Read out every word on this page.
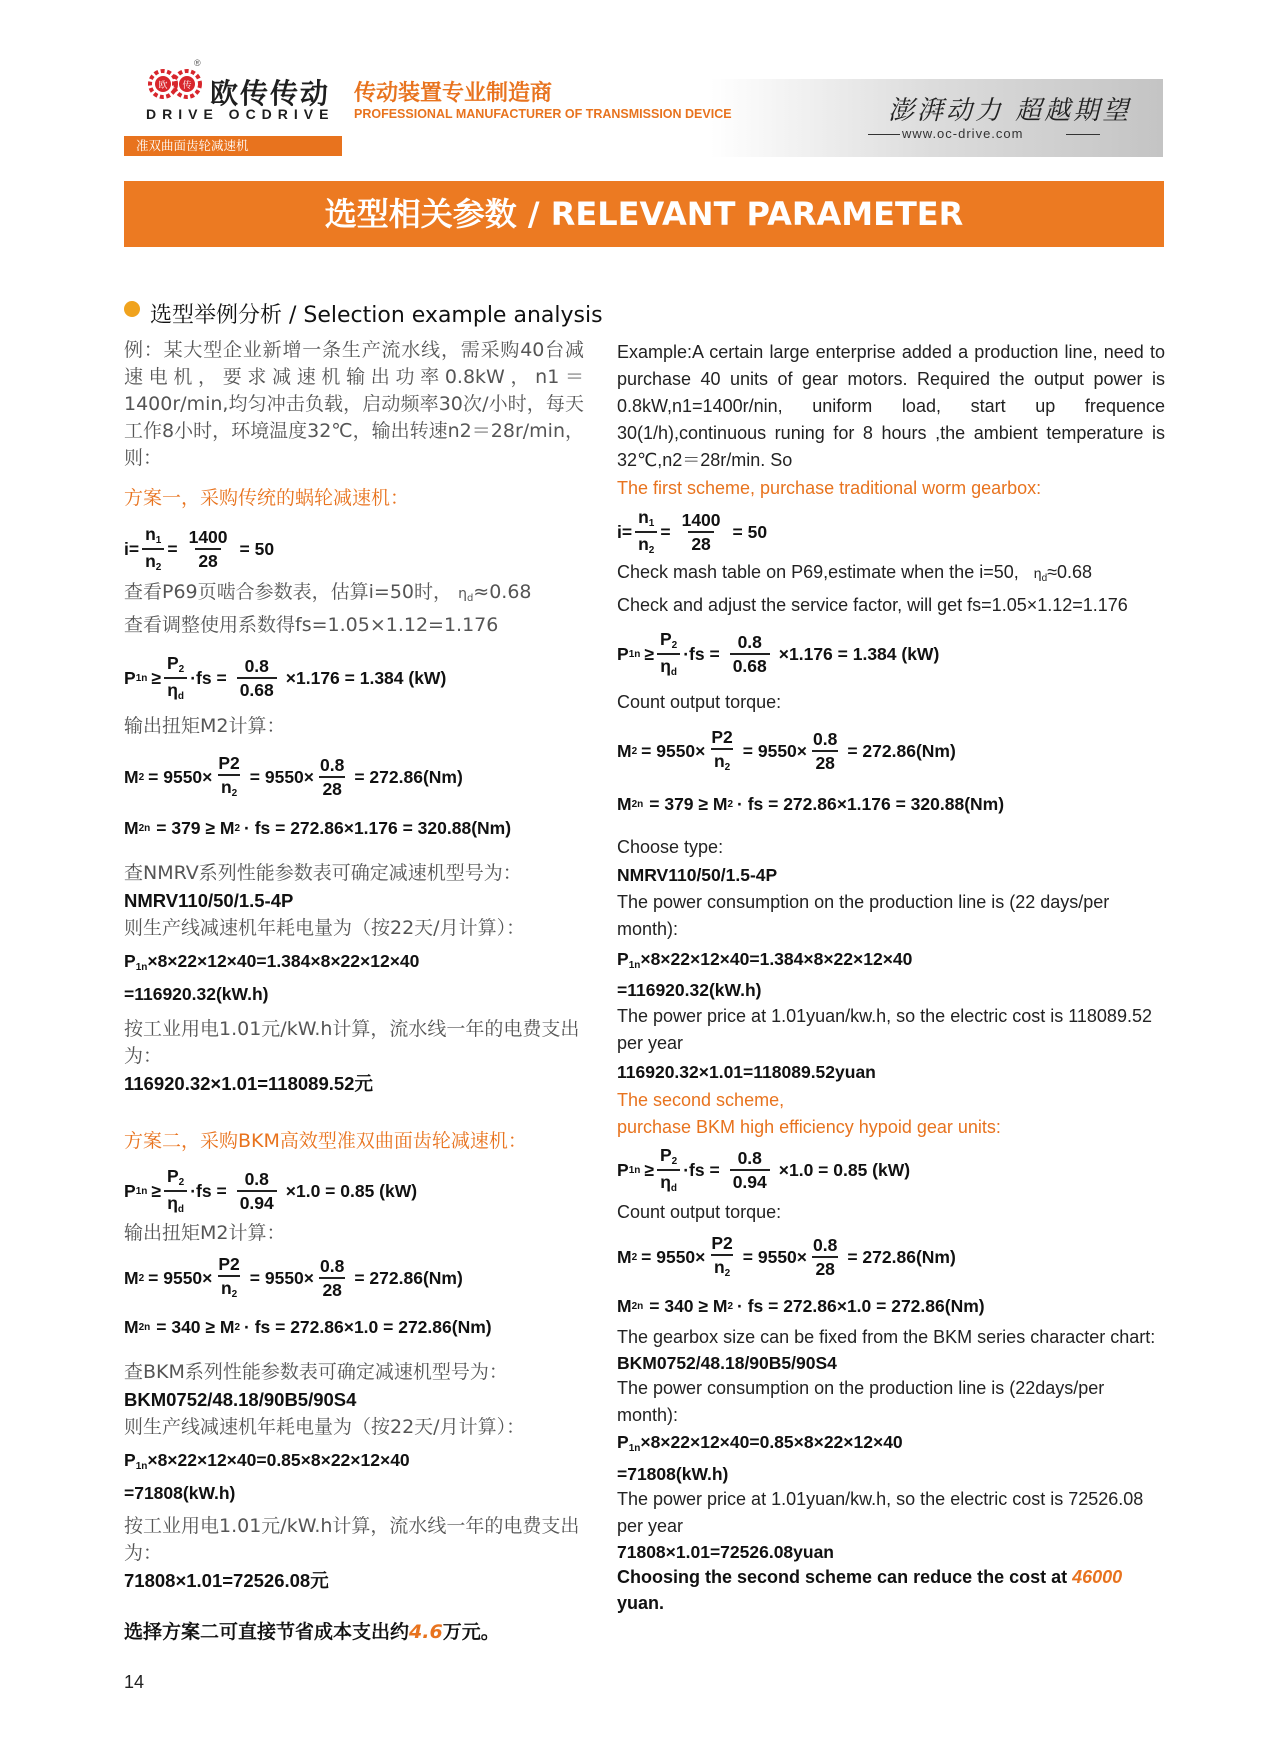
欧 传
®
欧传传动
DRIVE OCDRIVE
传动装置专业制造商
PROFESSIONAL MANUFACTURER OF TRANSMISSION DEVICE	澎湃动力 超越期望
www.oc-drive.com
准双曲面齿轮减速机
选型相关参数 / RELEVANT PARAMETER
选型举例分析 / Selection example analysis

例：某大型企业新增一条生产流水线，需采购40台减速电机，要求减速机输出功率0.8kW，n1＝1400r/min,均匀冲击负载，启动频率30次/小时，每天工作8小时，环境温度32℃，输出转速n2＝28r/min，则：

方案一，采购传统的蜗轮减速机：

$i= \frac{n_1}{n_2} = \frac{1400}{28} = 50$

查看P69页啮合参数表，估算i=50时， $\eta_d\approx 0.68$

查看调整使用系数得fs=1.05×1.12=1.176

P $1n \ge \frac{P_2}{\eta_d} \cdot fs = \frac{0.8}{0.68} \times 1.176 = 1.384$ (kW)

输出扭矩M2计算：

M $2 = 9550\times \frac{P2}{n_2} = 9550\times \frac{0.8}{28} = 272.86(Nm)$
M 2n = 379 ≥ M 2 · fs = 272.86×1.176 = 320.88(Nm)

查NMRV系列性能参数表可确定减速机型号为：

NMRV110/50/1.5-4P

则生产线减速机年耗电量为（按22天/月计算）：

$P_{1n}\times 8\times 22\times 12\times 40=1.384\times 8\times 22\times 12\times 40$

=116920.32(kW.h)

按工业用电1.01元/kW.h计算，流水线一年的电费支出为：

116920.32×1.01=118089.52元

方案二，采购BKM高效型准双曲面齿轮减速机：

P $1n \ge \frac{P_2}{\eta_d} \cdot fs = \frac{0.8}{0.94} \times 1.0 = 0.85$ (kW)

输出扭矩M2计算：

M $2 = 9550\times \frac{P2}{n_2} = 9550\times \frac{0.8}{28} = 272.86(Nm)$
M 2n = 340 ≥ M 2 · fs = 272.86×1.0 = 272.86(Nm)

查BKM系列性能参数表可确定减速机型号为：

BKM0752/48.18/90B5/90S4

则生产线减速机年耗电量为（按22天/月计算）：

$P_{1n}\times 8\times 22\times 12\times 40=0.85\times 8\times 22\times 12\times 40$

=71808(kW.h)

按工业用电1.01元/kW.h计算，流水线一年的电费支出为：

71808×1.01=72526.08元

选择方案二可直接节省成本支出约4.6万元。

Example:A certain large enterprise added a production line, need to purchase 40 units of gear motors. Required the output power is 0.8kW,n1=1400r/nin, uniform load, start up frequence 30(1/h),continuous runing for 8 hours ,the ambient temperature is 32℃,n2＝28r/min. So

The first scheme, purchase traditional worm gearbox:

$i= \frac{n_1}{n_2} = \frac{1400}{28} = 50$

Check mash table on P69,estimate when the i=50, $\eta_d\approx 0.68$

Check and adjust the service factor, will get fs=1.05×1.12=1.176

P $1n \ge \frac{P_2}{\eta_d} \cdot fs = \frac{0.8}{0.68} \times 1.176 = 1.384$ (kW)

Count output torque:

M $2 = 9550\times \frac{P2}{n_2} = 9550\times \frac{0.8}{28} = 272.86(Nm)$
M 2n = 379 ≥ M 2 · fs = 272.86×1.176 = 320.88(Nm)

Choose type:

NMRV110/50/1.5-4P

The power consumption on the production line is (22 days/per month):

$P_{1n}\times 8\times 22\times 12\times 40=1.384\times 8\times 22\times 12\times 40$

=116920.32(kW.h)

The power price at 1.01yuan/kw.h, so the electric cost is 118089.52 per year

116920.32×1.01=118089.52yuan

The second scheme,

purchase BKM high efficiency hypoid gear units:

P $1n \ge \frac{P_2}{\eta_d} \cdot fs = \frac{0.8}{0.94} \times 1.0 = 0.85$ (kW)

Count output torque:

M $2 = 9550\times \frac{P2}{n_2} = 9550\times \frac{0.8}{28} = 272.86(Nm)$
M 2n = 340 ≥ M 2 · fs = 272.86×1.0 = 272.86(Nm)

The gearbox size can be fixed from the BKM series character chart:

BKM0752/48.18/90B5/90S4

The power consumption on the production line is (22days/per month):

$P_{1n}\times 8\times 22\times 12\times 40=0.85\times 8\times 22\times 12\times 40$

=71808(kW.h)

The power price at 1.01yuan/kw.h, so the electric cost is 72526.08 per year

71808×1.01=72526.08yuan

Choosing the second scheme can reduce the cost at 46000  yuan.

14
